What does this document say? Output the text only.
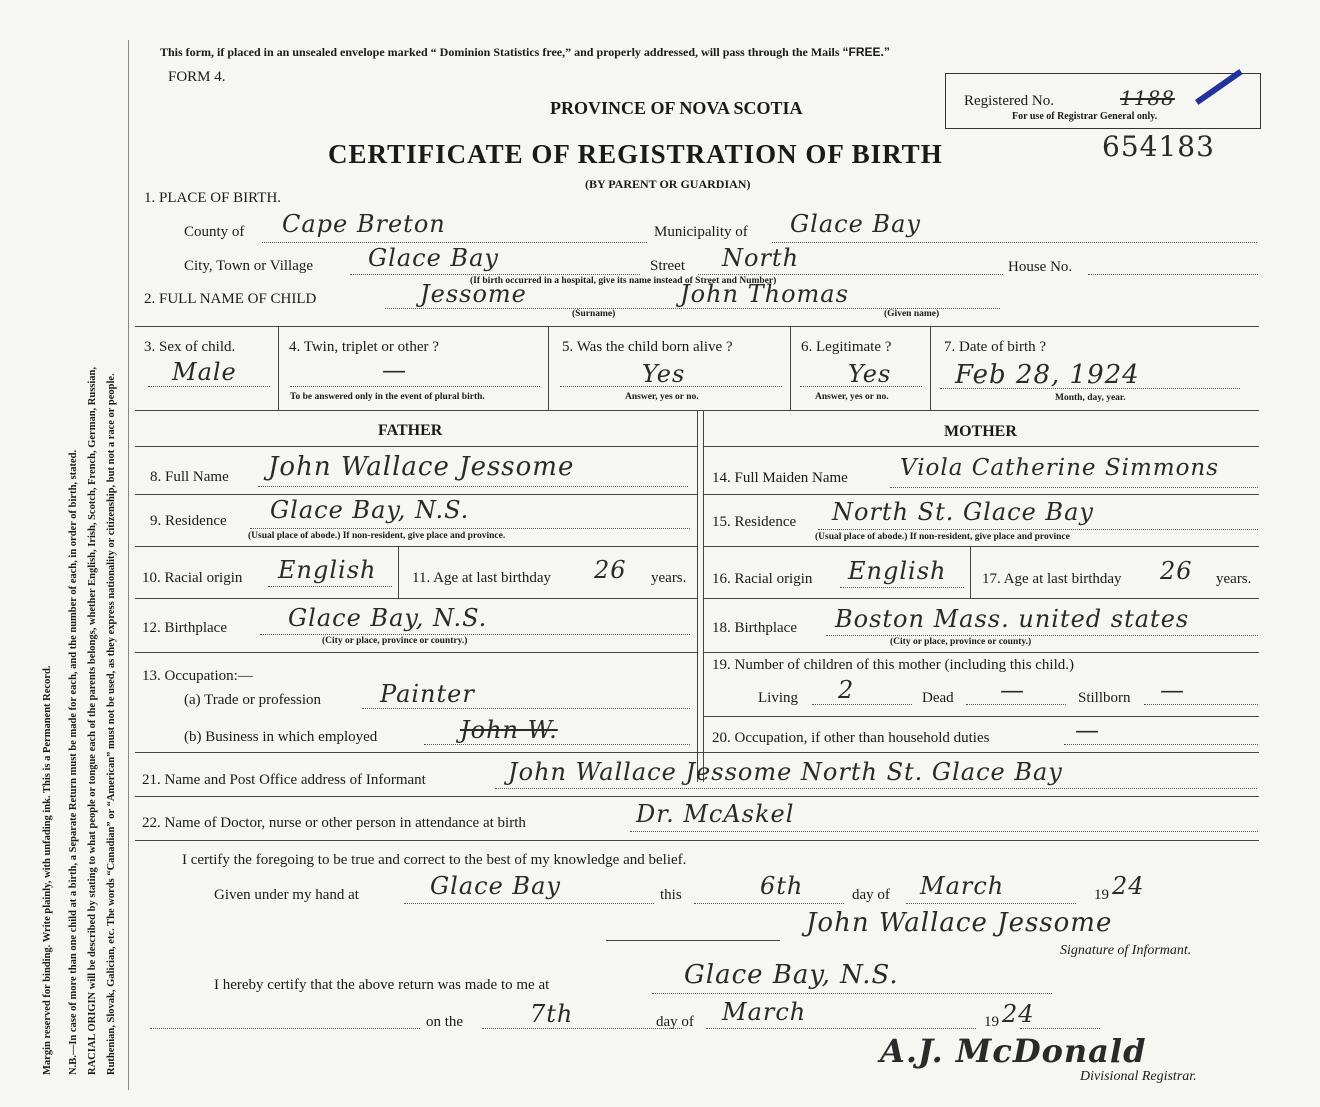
Margin reserved for binding. Write plainly, with unfading ink. This is a Permanent Record. N.B.—In case of more than one child at a birth, a Separate Return must be made for each, and the number of each, in order of birth, stated. RACIAL ORIGIN will be described by stating to what people or tongue each of the parents belongs, whether English, Irish, Scotch, French, German, Russian, Ruthenian, Slovak, Galician, etc. The words “Canadian” or “American” must not be used, as they express nationality or citizenship, but not a race or people.
This form, if placed in an unsealed envelope marked “ Dominion Statistics free,” and properly addressed, will pass through the Mails “FREE.”
FORM 4.
PROVINCE OF NOVA SCOTIA
CERTIFICATE OF REGISTRATION OF BIRTH
(BY PARENT OR GUARDIAN)
Registered No.	1188
For use of Registrar General only.
654183
1. PLACE OF BIRTH.
County of Cape Breton	Municipality of Glace Bay
City, Town or Village Glace Bay	Street North	House No.
(If birth occurred in a hospital, give its name instead of Street and Number)
2. FULL NAME OF CHILD	Jessome	John Thomas
(Surname)	(Given name)
3. Sex of child.
Male
4. Twin, triplet or other ?
—
To be answered only in the event of plural birth.
5. Was the child born alive ?
Yes
Answer, yes or no.
6. Legitimate ?
Yes
Answer, yes or no.
7. Date of birth ?
Feb 28, 1924
Month, day, year.
FATHER	MOTHER
8. Full Name John Wallace Jessome	14. Full Maiden Name Viola Catherine Simmons
9. Residence Glace Bay, N.S.
(Usual place of abode.) If non-resident, give place and province.
15. Residence North St. Glace Bay
(Usual place of abode.) If non-resident, give place and province
10. Racial origin English 11. Age at last birthday 26 years. 16. Racial origin English 17. Age at last birthday 26 years.
12. Birthplace	Glace Bay, N.S.
(City or place, province or country.)
18. Birthplace Boston Mass. united states
(City or place, province or county.)
13. Occupation:—
(a) Trade or profession Painter
19. Number of children of this mother (including this child.)
Living 2	Dead —	Stillborn —
(b) Business in which employed	John W.	20. Occupation, if other than household duties	—
21. Name and Post Office address of Informant	John Wallace Jessome North St. Glace Bay
22. Name of Doctor, nurse or other person in attendance at birth	Dr. McAskel
I certify the foregoing to be true and correct to the best of my knowledge and belief.
Given under my hand at	Glace Bay	this	6th	day of March	19 24
John Wallace Jessome
Signature of Informant.
I hereby certify that the above return was made to me at	Glace Bay, N.S.
on the	7th	day of March	19 24
A.J. McDonald
Divisional Registrar.
